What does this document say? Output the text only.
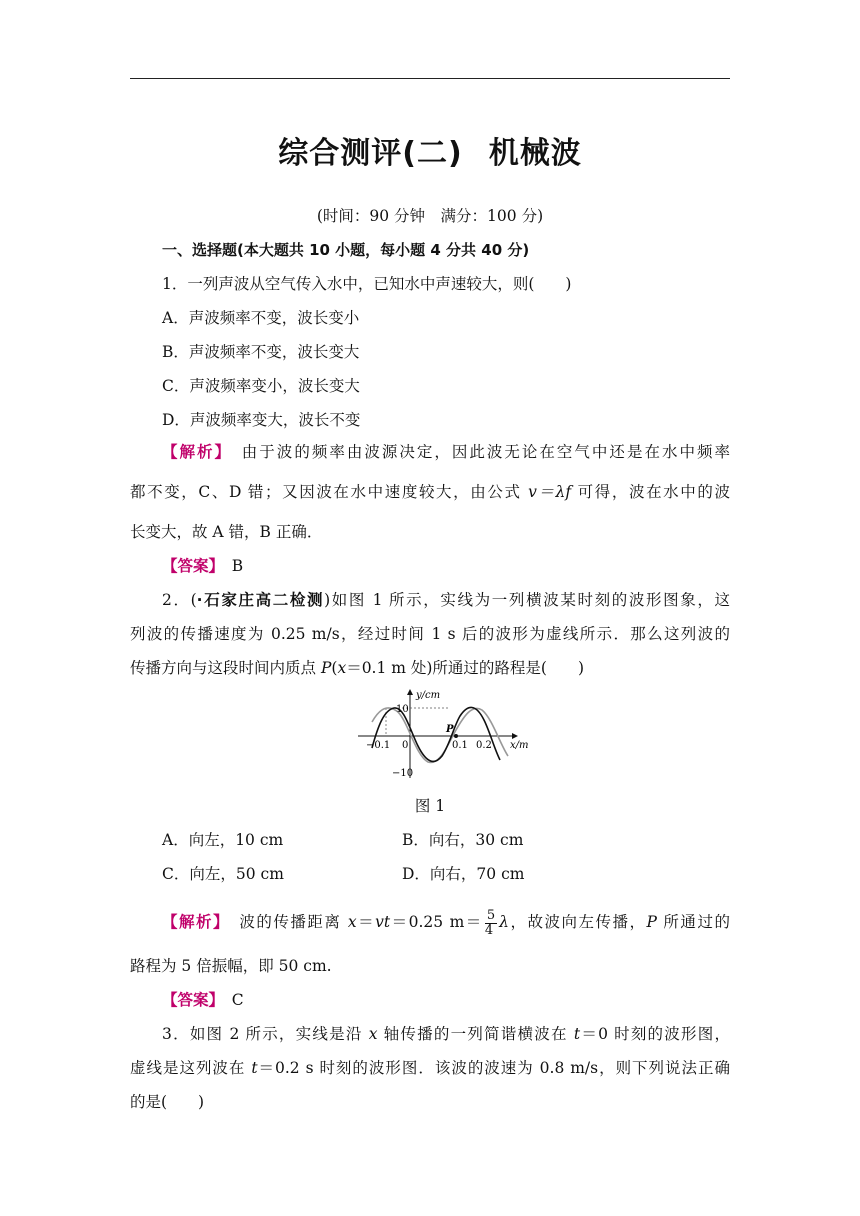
综合测评(二) 机械波
(时间：90 分钟　满分：100 分)
一、选择题(本大题共 10 小题，每小题 4 分共 40 分)
1．一列声波从空气传入水中，已知水中声速较大，则(　　)
A．声波频率不变，波长变小
B．声波频率不变，波长变大
C．声波频率变小，波长变大
D．声波频率变大，波长不变
【解析】　 由于波的频率由波源决定，因此波无论在空气中还是在水中频率
都不变，C、D 错；又因波在水中速度较大，由公式 v＝λf 可得，波在水中的波
长变大，故 A 错，B 正确．
【答案】　 B
2．(·石家庄高二检测)如图 1 所示，实线为一列横波某时刻的波形图象，这
列波的传播速度为 0.25 m/s，经过时间 1 s 后的波形为虚线所示．那么这列波的
传播方向与这段时间内质点 P(x＝0.1 m 处)所通过的路程是(　　)
y/cm
x/m
10
−10
−0.1 0	0.1 0.2
P
图 1
A．向左，10 cm	B．向右，30 cm
C．向左，50 cm	D．向右，70 cm
【解析】　 波的传播距离 x＝vt＝0.25 $m= \frac{5}{4}$ λ，故波向左传播，P 所通过的
路程为 5 倍振幅，即 50 cm.
【答案】　 C
3．如图 2 所示，实线是沿 x 轴传播的一列简谐横波在 t＝0 时刻的波形图，
虚线是这列波在 t＝0.2 s 时刻的波形图．该波的波速为 0.8 m/s，则下列说法正确
的是(　　)
